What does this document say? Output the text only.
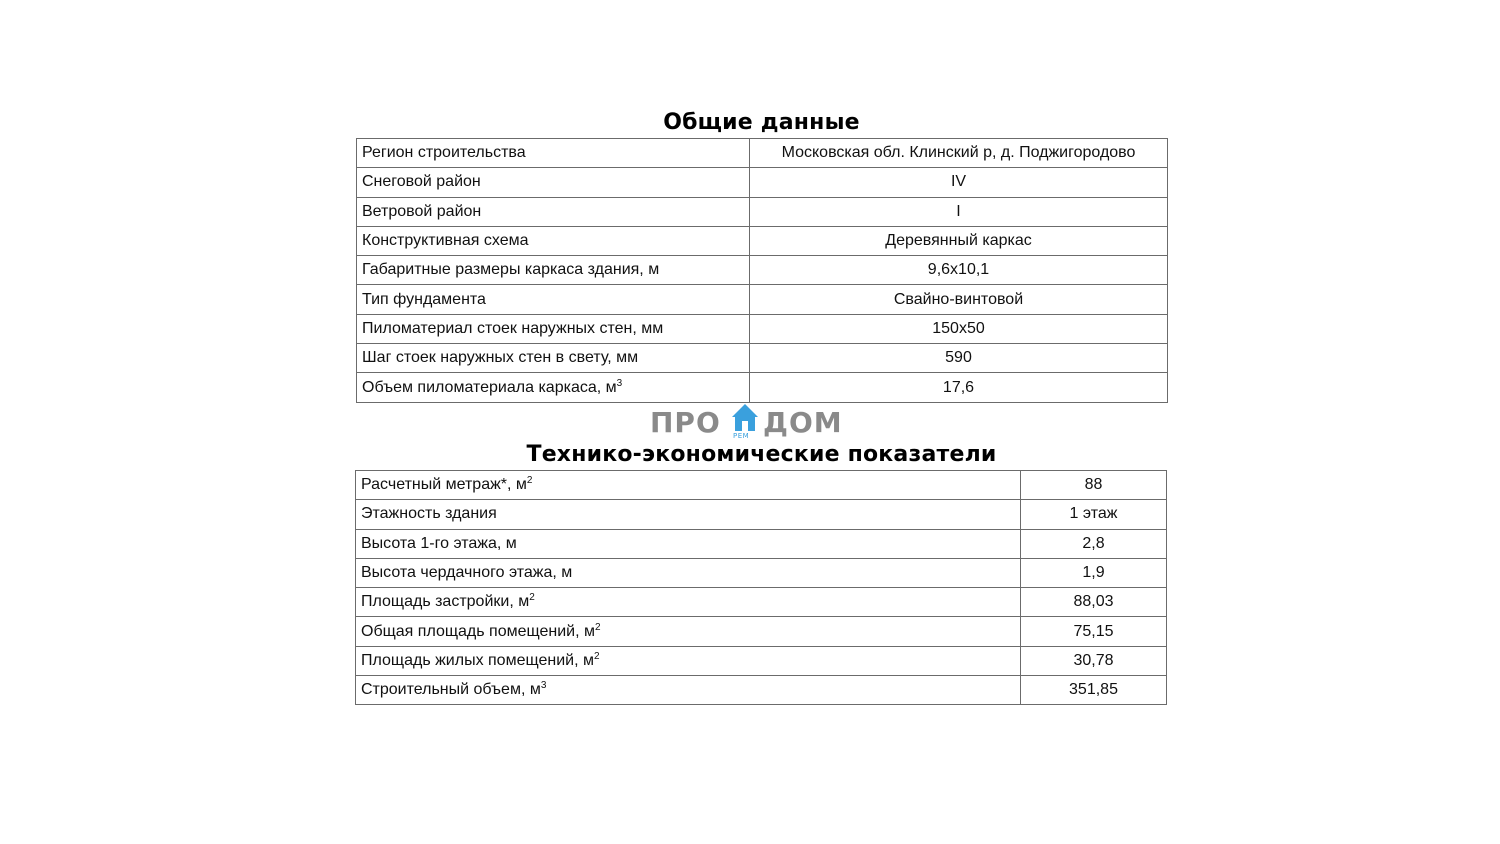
Общие данные
Регион строительства	Московская обл. Клинский р, д. Поджигородово
Снеговой район	IV
Ветровой район	I
Конструктивная схема	Деревянный каркас
Габаритные размеры каркаса здания, м	9,6х10,1
Тип фундамента	Свайно-винтовой
Пиломатериал стоек наружных стен, мм	150х50
Шаг стоек наружных стен в свету, мм	590
Объем пиломатериала каркаса, $м^3$	17,6
ПРО РЕМ ДОМ
Технико-экономические показатели
Расчетный метраж*, $м^2$	88
Этажность здания	1 этаж
Высота 1-го этажа, м	2,8
Высота чердачного этажа, м	1,9
Площадь застройки, $м^2$	88,03
Общая площадь помещений, $м^2$	75,15
Площадь жилых помещений, $м^2$	30,78
Строительный объем, $м^3$	351,85
